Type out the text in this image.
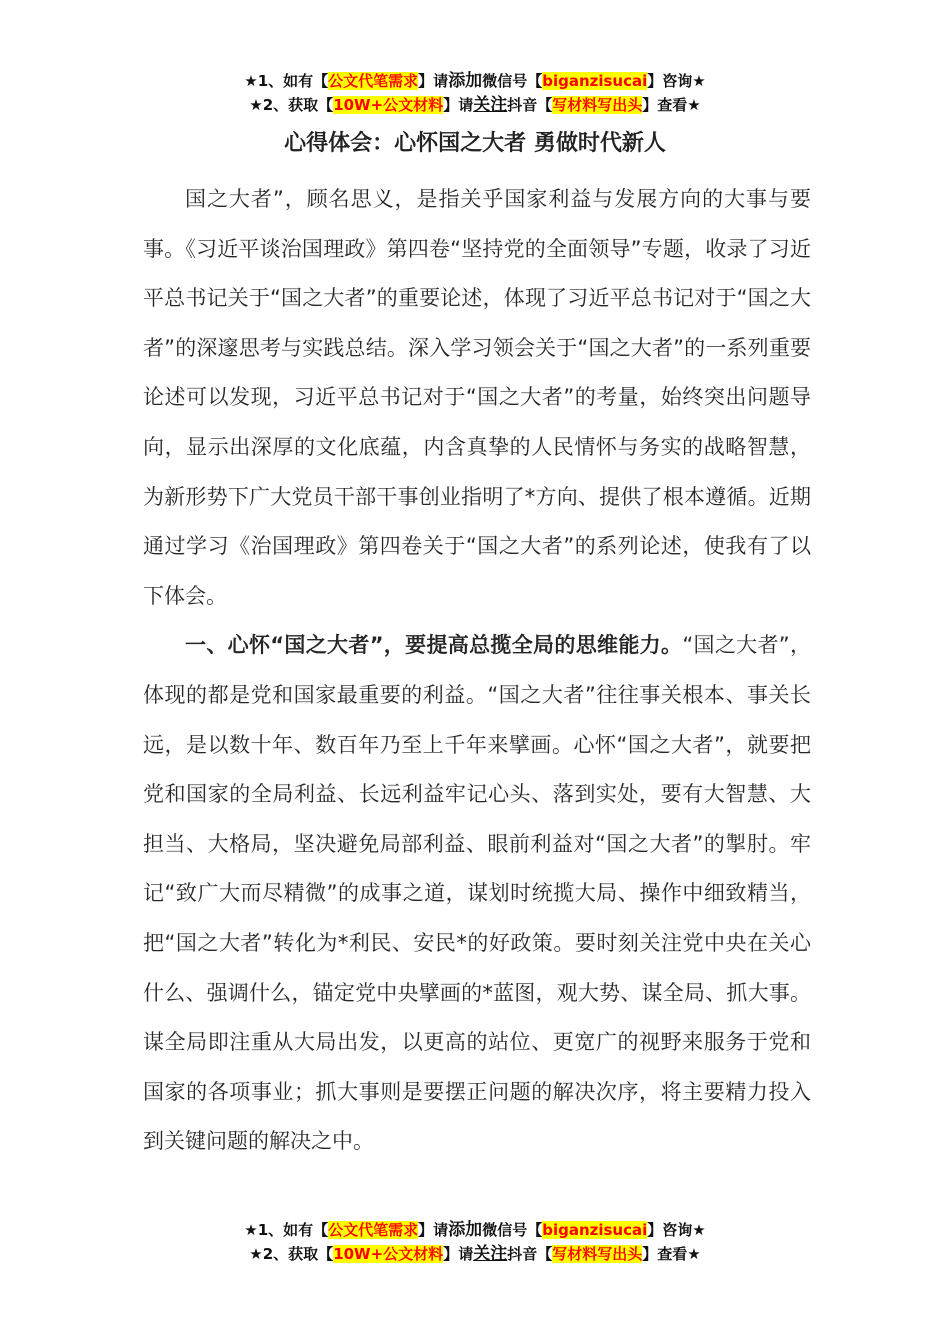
★1、如有【公文代笔需求】请添加微信号【biganzisucai】咨询★
★2、获取【10W+公文材料】请关注抖音【写材料写出头】查看★
心得体会：心怀国之大者 勇做时代新人

国之大者”，顾名思义，是指关乎国家利益与发展方向的大事与要事。《习近平谈治国理政》第四卷“坚持党的全面领导”专题，收录了习近平总书记关于“国之大者”的重要论述，体现了习近平总书记对于“国之大者”的深邃思考与实践总结。深入学习领会关于“国之大者”的一系列重要论述可以发现，习近平总书记对于“国之大者”的考量，始终突出问题导向，显示出深厚的文化底蕴，内含真挚的人民情怀与务实的战略智慧，为新形势下广大党员干部干事创业指明了*方向、提供了根本遵循。近期通过学习《治国理政》第四卷关于“国之大者”的系列论述，使我有了以下体会。

一、心怀“国之大者”，要提高总揽全局的思维能力。“国之大者”，体现的都是党和国家最重要的利益。“国之大者”往往事关根本、事关长远，是以数十年、数百年乃至上千年来擘画。心怀“国之大者”，就要把党和国家的全局利益、长远利益牢记心头、落到实处，要有大智慧、大担当、大格局，坚决避免局部利益、眼前利益对“国之大者”的掣肘。牢记“致广大而尽精微”的成事之道，谋划时统揽大局、操作中细致精当，把“国之大者”转化为*利民、安民*的好政策。要时刻关注党中央在关心什么、强调什么，锚定党中央擘画的*蓝图，观大势、谋全局、抓大事。谋全局即注重从大局出发，以更高的站位、更宽广的视野来服务于党和国家的各项事业；抓大事则是要摆正问题的解决次序，将主要精力投入到关键问题的解决之中。

★1、如有【公文代笔需求】请添加微信号【biganzisucai】咨询★
★2、获取【10W+公文材料】请关注抖音【写材料写出头】查看★
